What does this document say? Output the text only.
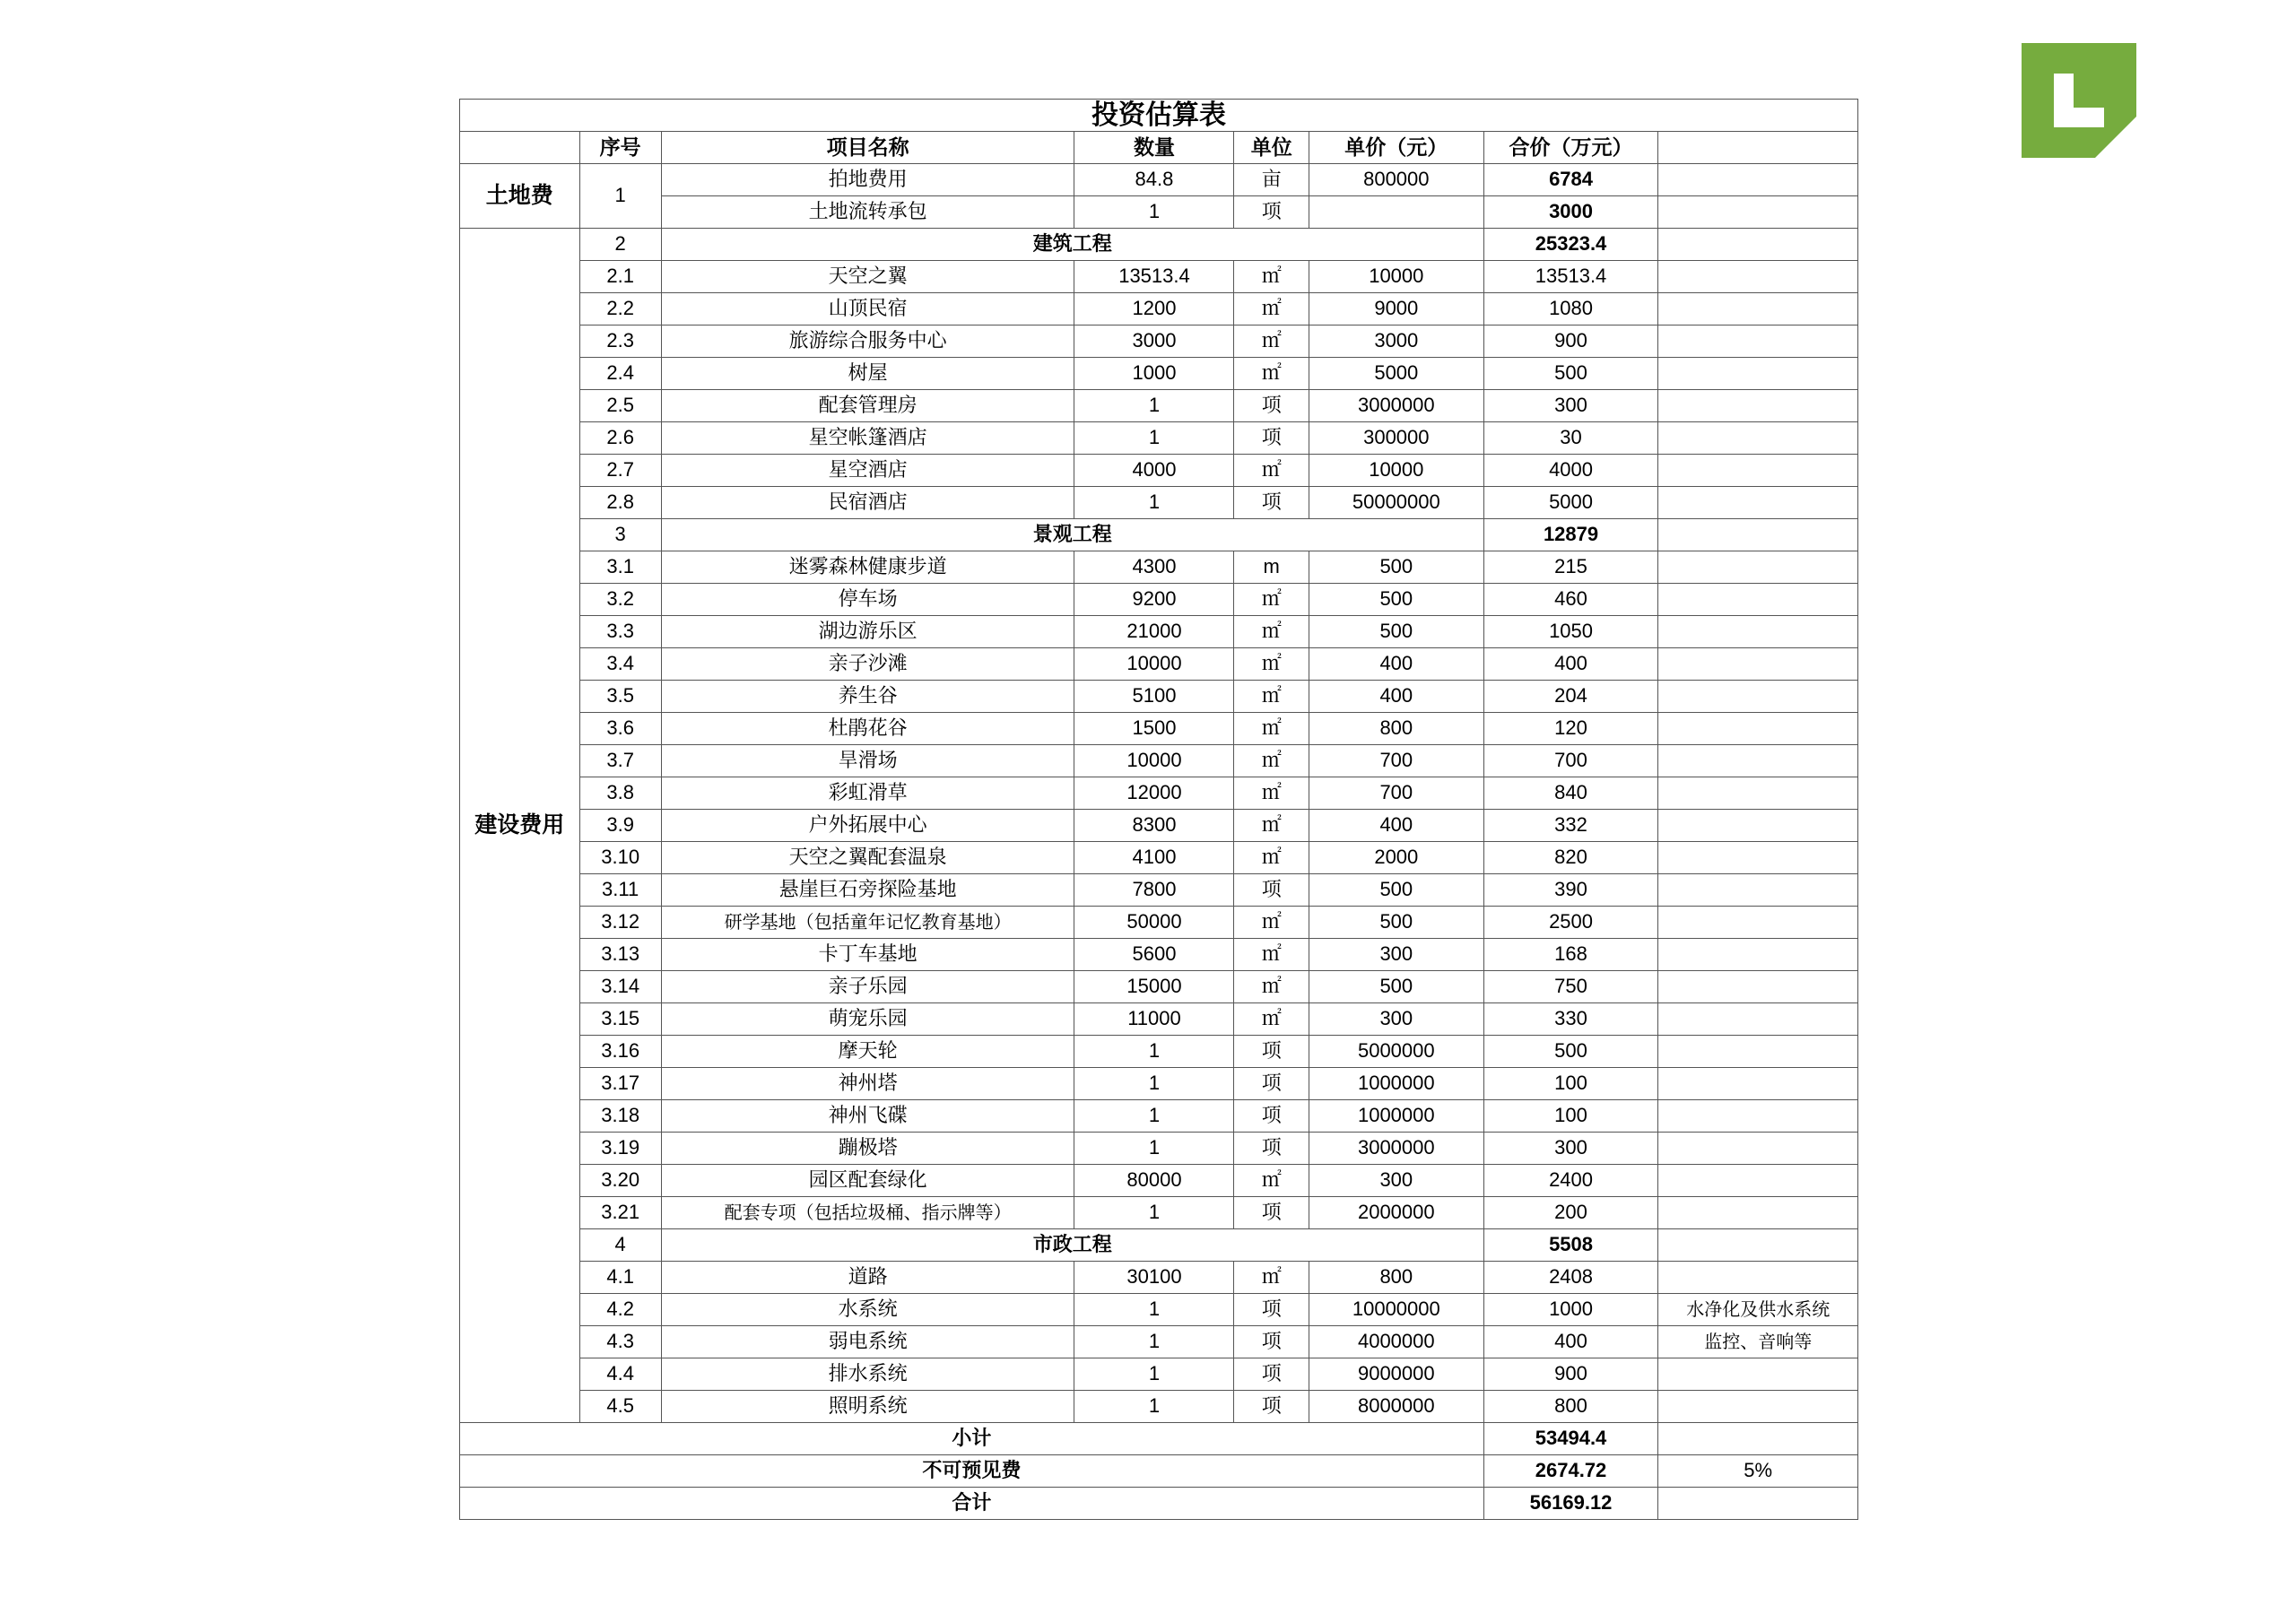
投资估算表							
	序号	项目名称	数量	单位	单价（元）	合价（万元）	
土地费	1	拍地费用	84.8	亩	800000	6784	
		土地流转承包	1	项		3000	
建设费用	2	建筑工程				25323.4	
	2.1	天空之翼	13513.4	㎡	10000	13513.4	
	2.2	山顶民宿	1200	㎡	9000	1080	
	2.3	旅游综合服务中心	3000	㎡	3000	900	
	2.4	树屋	1000	㎡	5000	500	
	2.5	配套管理房	1	项	3000000	300	
	2.6	星空帐篷酒店	1	项	300000	30	
	2.7	星空酒店	4000	㎡	10000	4000	
	2.8	民宿酒店	1	项	50000000	5000	
	3	景观工程				12879	
	3.1	迷雾森林健康步道	4300	m	500	215	
	3.2	停车场	9200	㎡	500	460	
	3.3	湖边游乐区	21000	㎡	500	1050	
	3.4	亲子沙滩	10000	㎡	400	400	
	3.5	养生谷	5100	㎡	400	204	
	3.6	杜鹃花谷	1500	㎡	800	120	
	3.7	旱滑场	10000	㎡	700	700	
	3.8	彩虹滑草	12000	㎡	700	840	
	3.9	户外拓展中心	8300	㎡	400	332	
	3.10	天空之翼配套温泉	4100	㎡	2000	820	
	3.11	悬崖巨石旁探险基地	7800	项	500	390	
	3.12	研学基地（包括童年记忆教育基地）	50000	㎡	500	2500	
	3.13	卡丁车基地	5600	㎡	300	168	
	3.14	亲子乐园	15000	㎡	500	750	
	3.15	萌宠乐园	11000	㎡	300	330	
	3.16	摩天轮	1	项	5000000	500	
	3.17	神州塔	1	项	1000000	100	
	3.18	神州飞碟	1	项	1000000	100	
	3.19	蹦极塔	1	项	3000000	300	
	3.20	园区配套绿化	80000	㎡	300	2400	
	3.21	配套专项（包括垃圾桶、指示牌等）	1	项	2000000	200	
	4	市政工程				5508	
	4.1	道路	30100	㎡	800	2408	
	4.2	水系统	1	项	10000000	1000	水净化及供水系统
	4.3	弱电系统	1	项	4000000	400	监控、音响等
	4.4	排水系统	1	项	9000000	900	
	4.5	照明系统	1	项	8000000	800	
小计						53494.4	
不可预见费						2674.72	5%
合计						56169.12	
